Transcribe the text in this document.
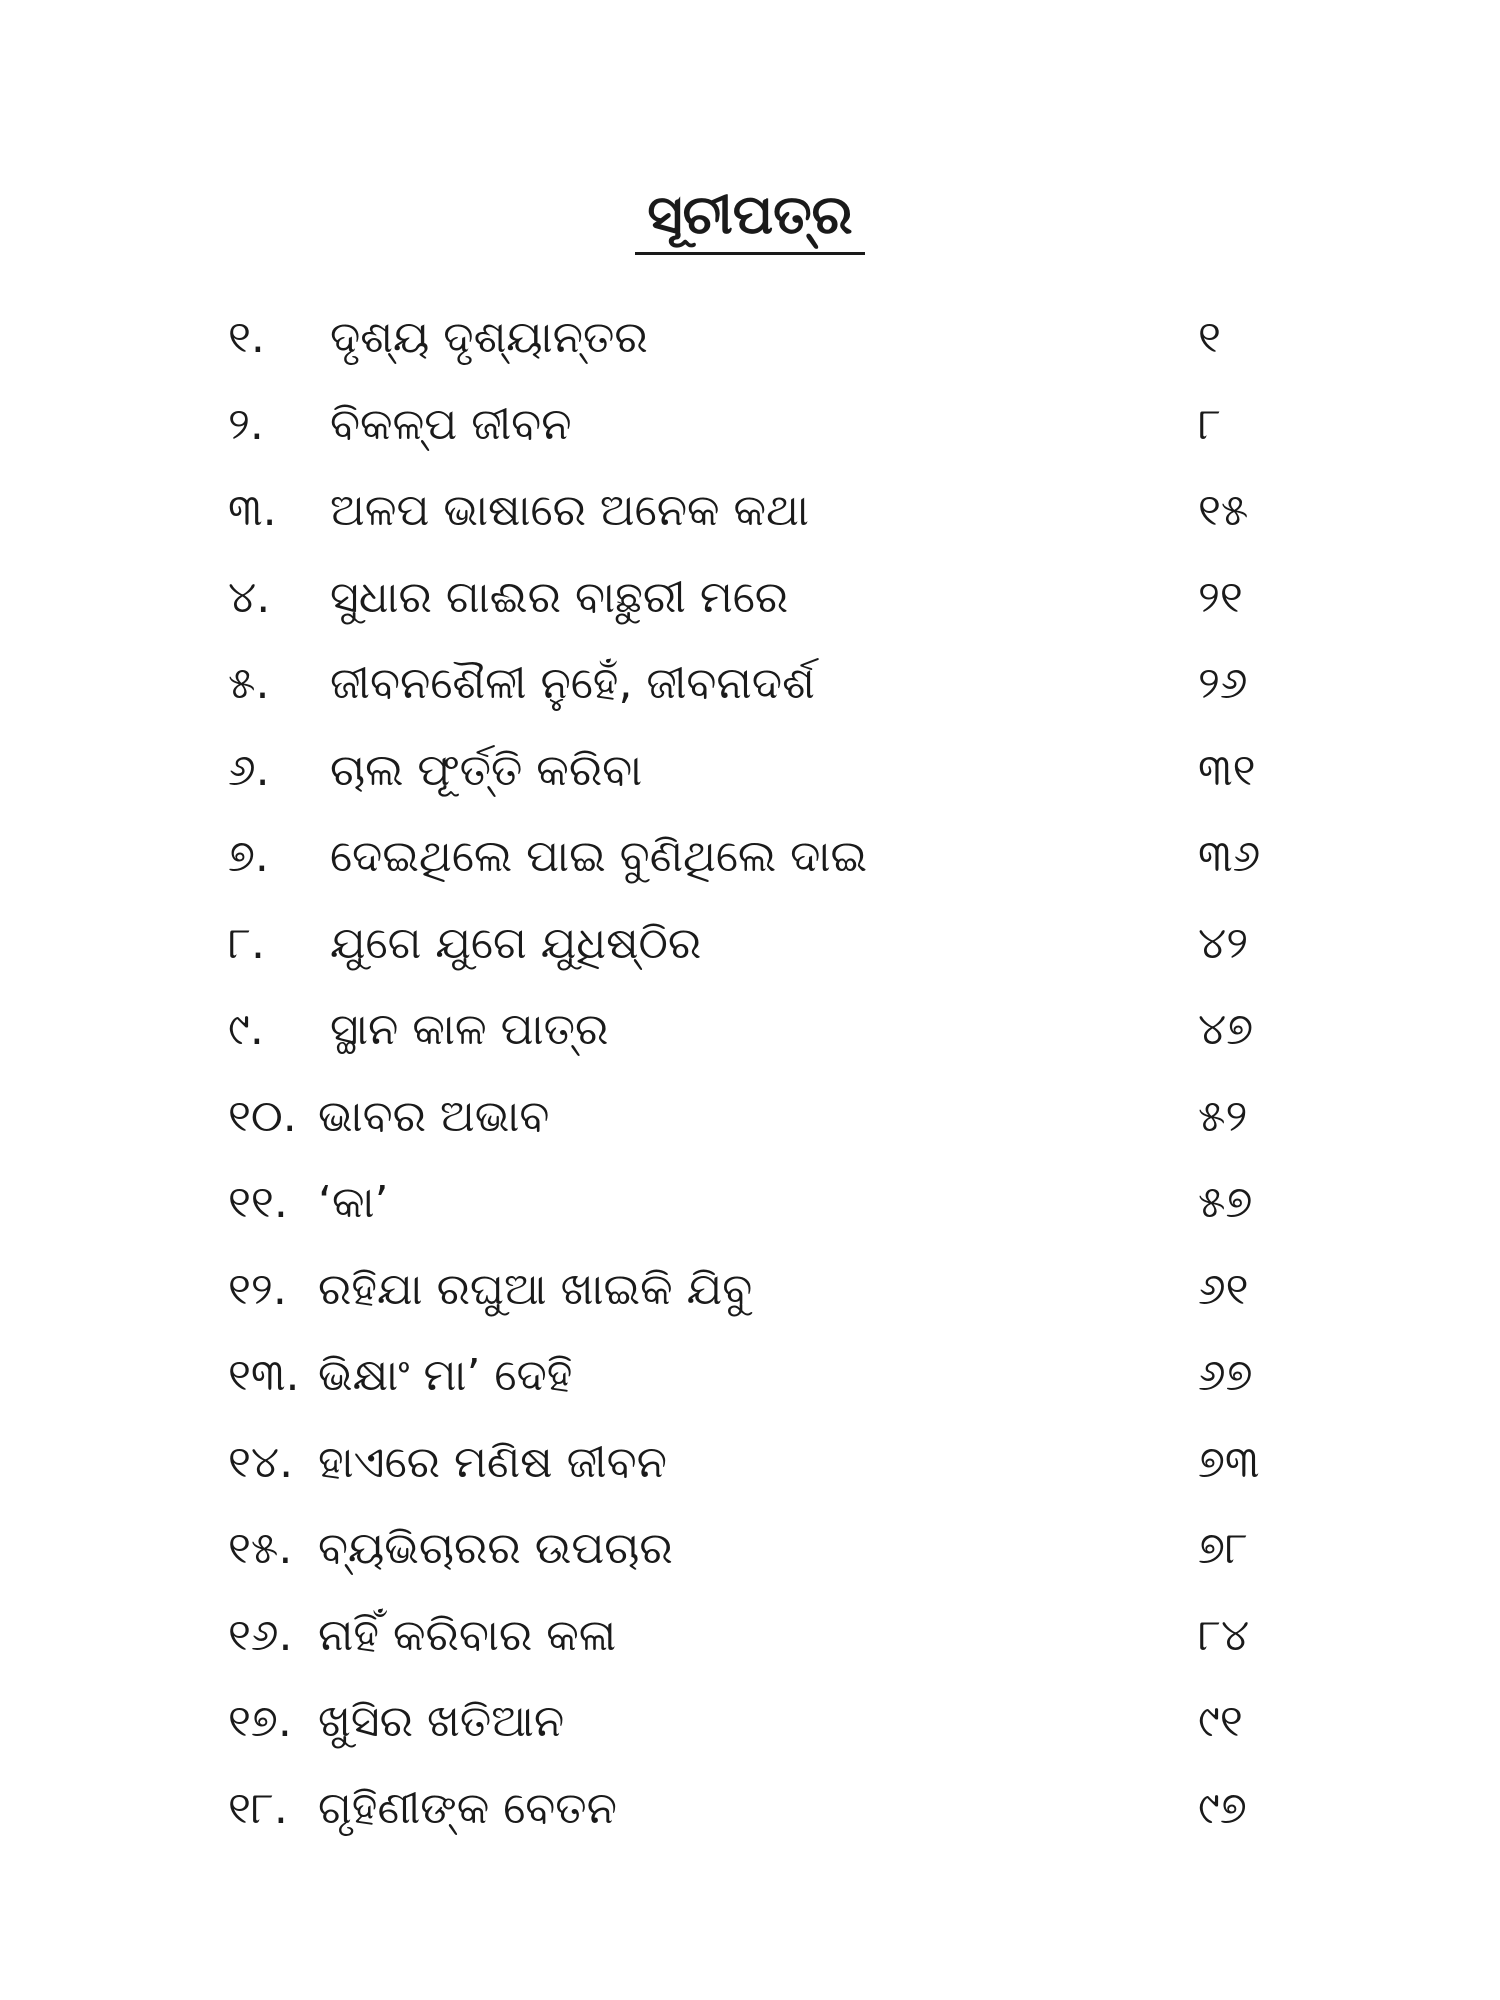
ସୂଚୀପତ୍ର
୧. ଦୃଶ୍ୟ ଦୃଶ୍ୟାନ୍ତର	୧
୨. ବିକଳ୍ପ ଜୀବନ	୮
୩. ଅଳପ ଭାଷାରେ ଅନେକ କଥା	୧୫
୪. ସୁଧାର ଗାଈର ବାଛୁରୀ ମରେ	୨୧
୫. ଜୀବନଶୈଳୀ ନୁହେଁ, ଜୀବନାଦର୍ଶ	୨୬
୬. ଚାଲ ଫୂର୍ତ୍ତି କରିବା	୩୧
୭. ଦେଇଥିଲେ ପାଇ ବୁଣିଥିଲେ ଦାଇ	୩୬
୮. ଯୁଗେ ଯୁଗେ ଯୁଧିଷ୍ଠିର	୪୨
୯. ସ୍ଥାନ କାଳ ପାତ୍ର	୪୭
୧୦. ଭାବର ଅଭାବ	୫୨
୧୧. ‘କା’	୫୭
୧୨. ରହିଯା ରଘୁଆ ଖାଇକି ଯିବୁ	୬୧
୧୩. ଭିକ୍ଷାଂ ମା’ ଦେହି	୬୭
୧୪. ହାଏରେ ମଣିଷ ଜୀବନ	୭୩
୧୫. ବ୍ୟଭିଚାରର ଉପଚାର	୭୮
୧୬. ନାହିଁ କରିବାର କଳା	୮୪
୧୭. ଖୁସିର ଖତିଆନ	୯୧
୧୮. ଗୃହିଣୀଙ୍କ ବେତନ	୯୭
